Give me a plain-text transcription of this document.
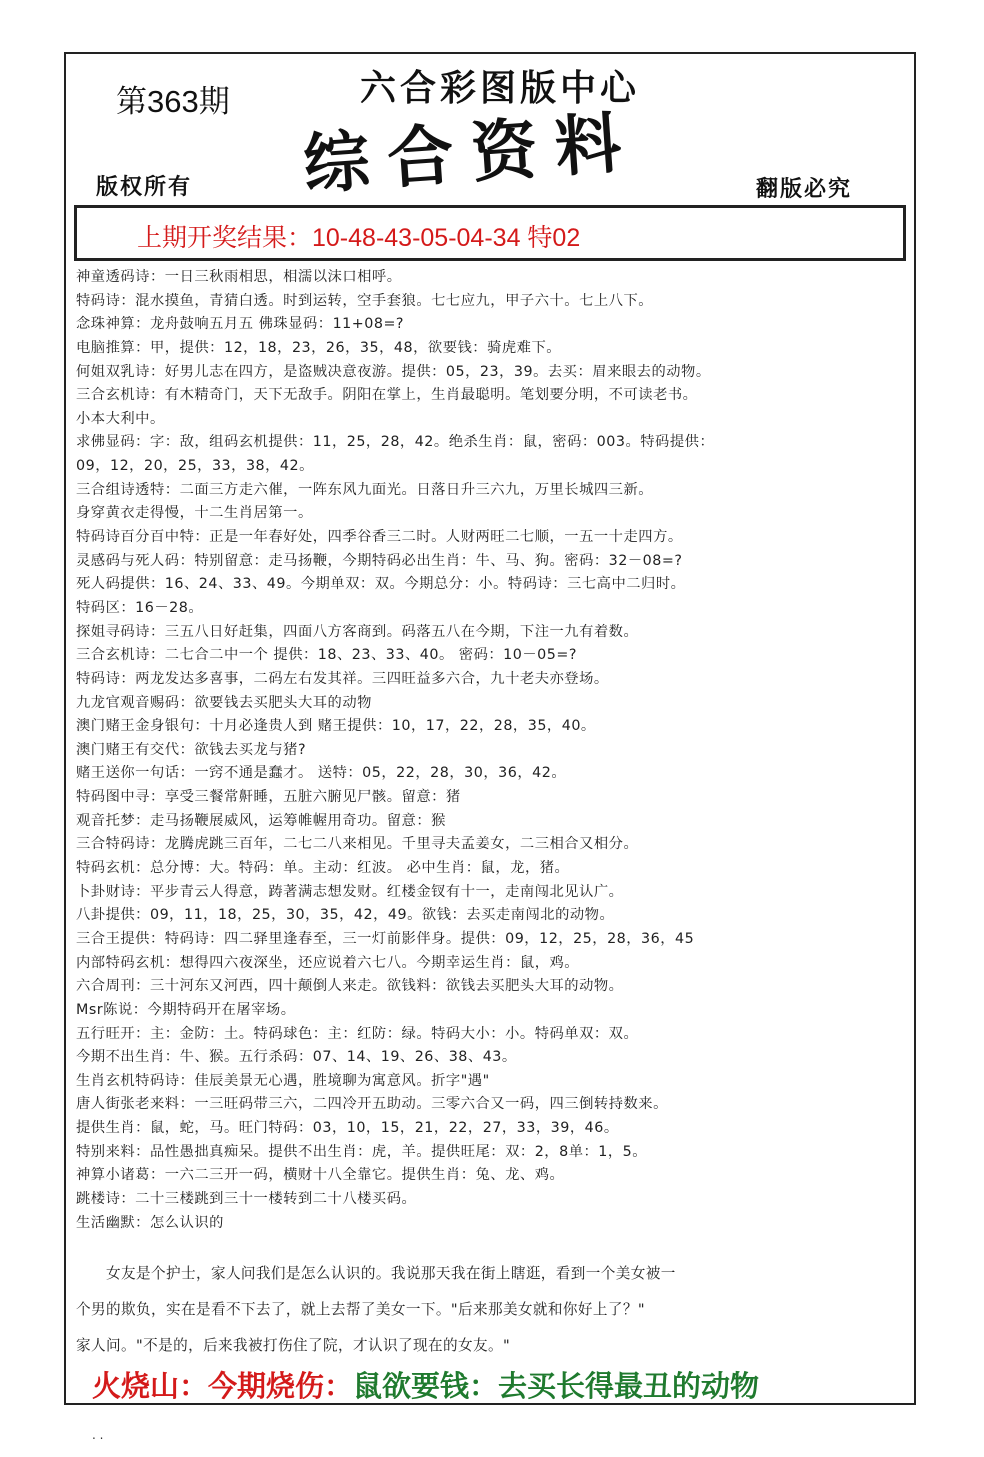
第363期	六合彩图版中心
综合资料
版权所有	翻版必究
上期开奖结果：10-48-43-05-04-34 特02
神童透码诗：一日三秋雨相思，相濡以沫口相呼。
特码诗：混水摸鱼，青猜白透。时到运转，空手套狼。七七应九，甲子六十。七上八下。
念珠神算：龙舟鼓响五月五 佛珠显码：11+08=?
电脑推算：甲，提供：12，18，23，26，35，48，欲要钱：骑虎难下。
何姐双乳诗：好男儿志在四方，是盗贼决意夜游。提供：05，23，39。去买：眉来眼去的动物。
三合玄机诗：有木精奇门，天下无敌手。阴阳在掌上，生肖最聪明。笔划要分明，不可读老书。
小本大利中。
求佛显码：字：敌，组码玄机提供：11，25，28，42。绝杀生肖：鼠，密码：003。特码提供：
09，12，20，25，33，38，42。
三合组诗透特：二面三方走六催，一阵东风九面光。日落日升三六九，万里长城四三新。
身穿黄衣走得慢，十二生肖居第一。
特码诗百分百中特：正是一年春好处，四季谷香三二时。人财两旺二七顺，一五一十走四方。
灵感码与死人码：特别留意：走马扬鞭，今期特码必出生肖：牛、马、狗。密码：32－08=?
死人码提供：16、24、33、49。今期单双：双。今期总分：小。特码诗：三七高中二归时。
特码区：16－28。
探姐寻码诗：三五八日好赶集，四面八方客商到。码落五八在今期，下注一九有着数。
三合玄机诗：二七合二中一个 提供：18、23、33、40。 密码：10－05=?
特码诗：两龙发达多喜事，二码左右发其祥。三四旺益多六合，九十老夫亦登场。
九龙官观音赐码：欲要钱去买肥头大耳的动物
澳门赌王金身银句：十月必逢贵人到 赌王提供：10，17，22，28，35，40。
澳门赌王有交代：欲钱去买龙与猪?
赌王送你一句话：一窍不通是蠢才。 送特：05，22，28，30，36，42。
特码图中寻：享受三餐常鼾睡，五脏六腑见尸骸。留意：猪
观音托梦：走马扬鞭展威风，运筹帷幄用奇功。留意：猴
三合特码诗：龙腾虎跳三百年，二七二八来相见。千里寻夫孟姜女，二三相合又相分。
特码玄机：总分博：大。特码：单。主动：红波。 必中生肖：鼠，龙，猪。
卜卦财诗：平步青云人得意，踌著满志想发财。红楼金钗有十一，走南闯北见认广。
八卦提供：09，11，18，25，30，35，42，49。欲钱：去买走南闯北的动物。
三合王提供：特码诗：四二驿里逢春至，三一灯前影伴身。提供：09，12，25，28，36，45
内部特码玄机：想得四六夜深坐，还应说着六七八。今期幸运生肖：鼠，鸡。
六合周刊：三十河东又河西，四十颠倒人来走。欲钱料：欲钱去买肥头大耳的动物。
Msr陈说：今期特码开在屠宰场。
五行旺开：主：金防：土。特码球色：主：红防：绿。特码大小：小。特码单双：双。
今期不出生肖：牛、猴。五行杀码：07、14、19、26、38、43。
生肖玄机特码诗：佳辰美景无心遇，胜境聊为寓意风。折字"遇"
唐人街张老来料：一三旺码带三六，二四冷开五助动。三零六合又一码，四三倒转持数来。
提供生肖：鼠，蛇，马。旺门特码：03，10，15，21，22，27，33，39，46。
特别来料：品性愚拙真痴呆。提供不出生肖：虎，羊。提供旺尾：双：2，8单：1，5。
神算小诸葛：一六二三开一码，横财十八全靠它。提供生肖：兔、龙、鸡。
跳楼诗：二十三楼跳到三十一楼转到二十八楼买码。
生活幽默：怎么认识的
　　女友是个护士，家人问我们是怎么认识的。我说那天我在街上瞎逛，看到一个美女被一
个男的欺负，实在是看不下去了，就上去帮了美女一下。"后来那美女就和你好上了？"
家人问。"不是的，后来我被打伤住了院，才认识了现在的女友。"
火烧山：今期烧伤：鼠欲要钱：去买长得最丑的动物
. .
